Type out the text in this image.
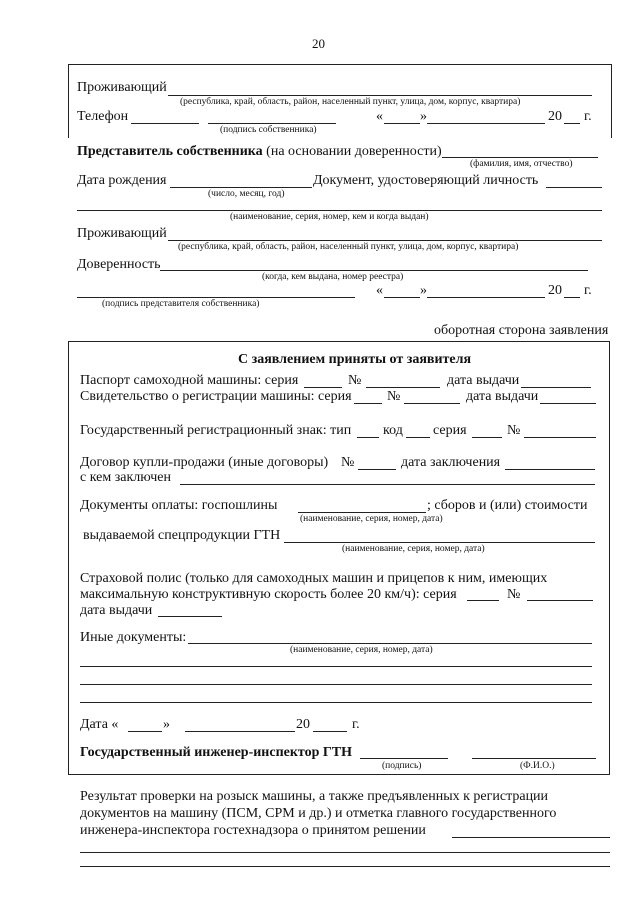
20
Проживающий
(республика, край, область, район, населенный пункт, улица, дом, корпус, квартира)
Телефон
(подпись собственника)
«	»	20 г.
Представитель собственника (на основании доверенности)
(фамилия, имя, отчество)
Дата рождения
(число, месяц, год)
Документ, удостоверяющий личность
(наименование, серия, номер, кем и когда выдан)
Проживающий
(республика, край, область, район, населенный пункт, улица, дом, корпус, квартира)
Доверенность
(когда, кем выдана, номер реестра)
(подпись представителя собственника)
«	»	20 г.
оборотная сторона заявления
С заявлением приняты от заявителя
Паспорт самоходной машины: серия	№	дата выдачи
Свидетельство о регистрации машины: серия	№	дата выдачи
Государственный регистрационный знак: тип код серия	№
Договор купли-продажи (иные договоры) №	дата заключения
с кем заключен
Документы оплаты: госпошлины	; сборов и (или) стоимости
(наименование, серия, номер, дата)
выдаваемой спецпродукции ГТН
(наименование, серия, номер, дата)
Страховой полис (только для самоходных машин и прицепов к ним, имеющих
максимальную конструктивную скорость более 20 км/ч): серия	№
дата выдачи
Иные документы:
(наименование, серия, номер, дата)
Дата «	»	20	г.
Государственный инженер-инспектор ГТН
(подпись)	(Ф.И.О.)
Результат проверки на розыск машины, а также предъявленных к регистрации
документов на машину (ПСМ, СРМ и др.) и отметка главного государственного
инженера-инспектора гостехнадзора о принятом решении
